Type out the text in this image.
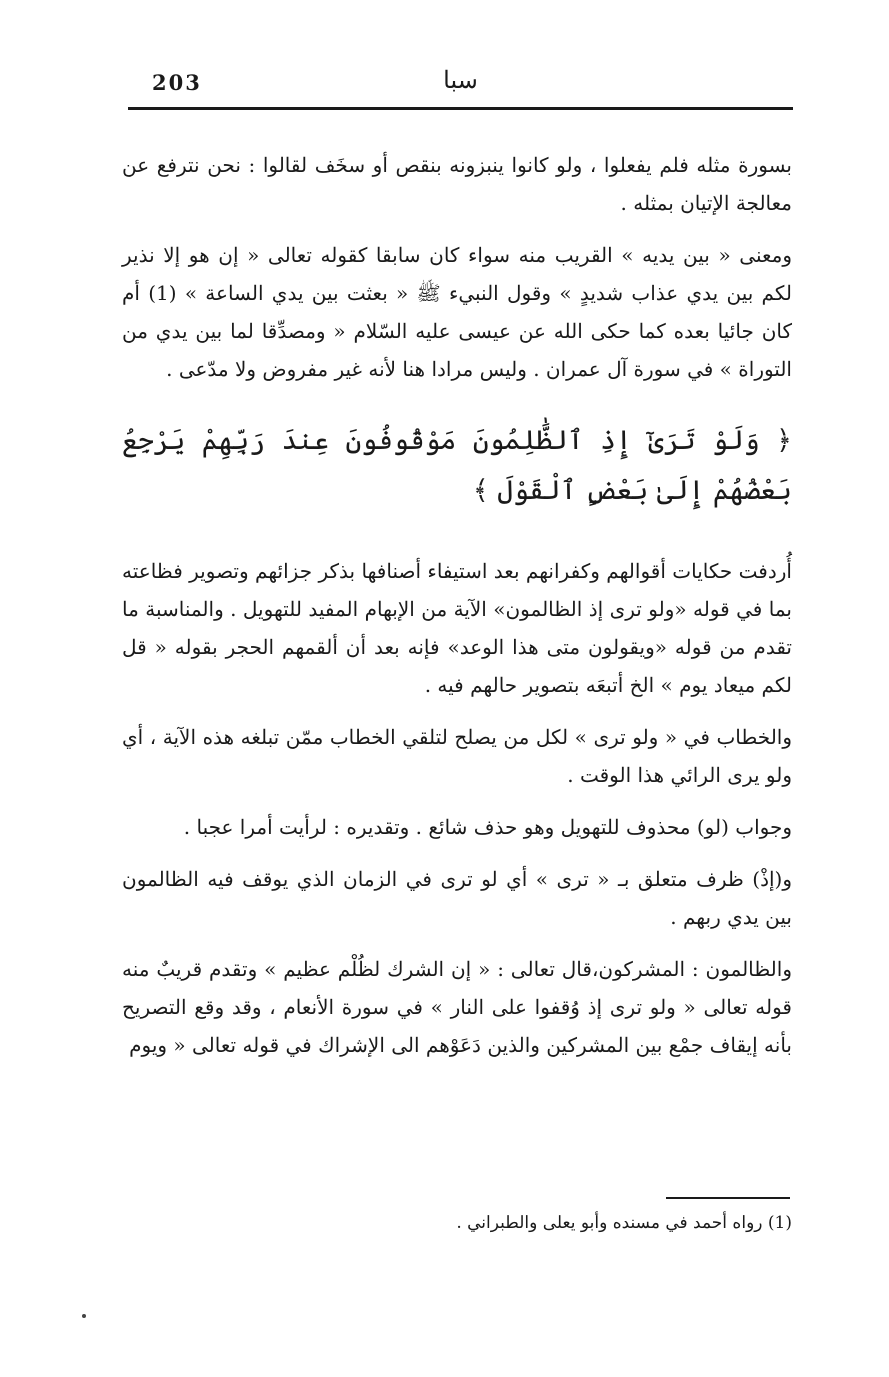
203	سبا

بسورة مثله فلم يفعلوا ، ولو كانوا ينبزونه بنقص أو سخَف لقالوا : نحن نترفع عن معالجة الإتيان بمثله .

ومعنى « بين يديه » القريب منه سواء كان سابقا كقوله تعالى « إن هو إلا نذير لكم بين يدي عذاب شديدٍ » وقول النبيء ﷺ « بعثت بين يدي الساعة » (1) أم كان جائيا بعده كما حكى الله عن عيسى عليه السّلام « ومصدِّقا لما بين يدي من التوراة » في سورة آل عمران . وليس مرادا هنا لأنه غير مفروض ولا مدّعى .

﴿ وَلَوْ تَرَىٰٓ إِذِ ٱلظَّٰلِمُونَ مَوْقُوفُونَ عِندَ رَبِّهِمْ يَرْجِعُ بَعْضُهُمْ إِلَىٰ بَعْضٍ ٱلْقَوْلَ ﴾

أُردفت حكايات أقوالهم وكفرانهم بعد استيفاء أصنافها بذكر جزائهم وتصوير فظاعته بما في قوله «ولو ترى إذ الظالمون» الآية من الإبهام المفيد للتهويل . والمناسبة ما تقدم من قوله «ويقولون متى هذا الوعد» فإنه بعد أن ألقمهم الحجر بقوله « قل لكم ميعاد يوم » الخ أتبعَه بتصوير حالهم فيه .

والخطاب في « ولو ترى » لكل من يصلح لتلقي الخطاب ممّن تبلغه هذه الآية ، أي ولو يرى الرائي هذا الوقت .

وجواب (لو) محذوف للتهويل وهو حذف شائع . وتقديره : لرأيت أمرا عجبا .

و(إذْ) ظرف متعلق بـ « ترى » أي لو ترى في الزمان الذي يوقف فيه الظالمون بين يدي ربهم .

والظالمون : المشركون،قال تعالى : « إن الشرك لظُلْم عظيم » وتقدم قريبٌ منه قوله تعالى « ولو ترى إذ وُقفوا على النار » في سورة الأنعام ، وقد وقع التصريح بأنه إيقاف جمْع بين المشركين والذين دَعَوْهم الى الإشراك في قوله تعالى « ويوم

(1) رواه أحمد في مسنده وأبو يعلى والطبراني .
